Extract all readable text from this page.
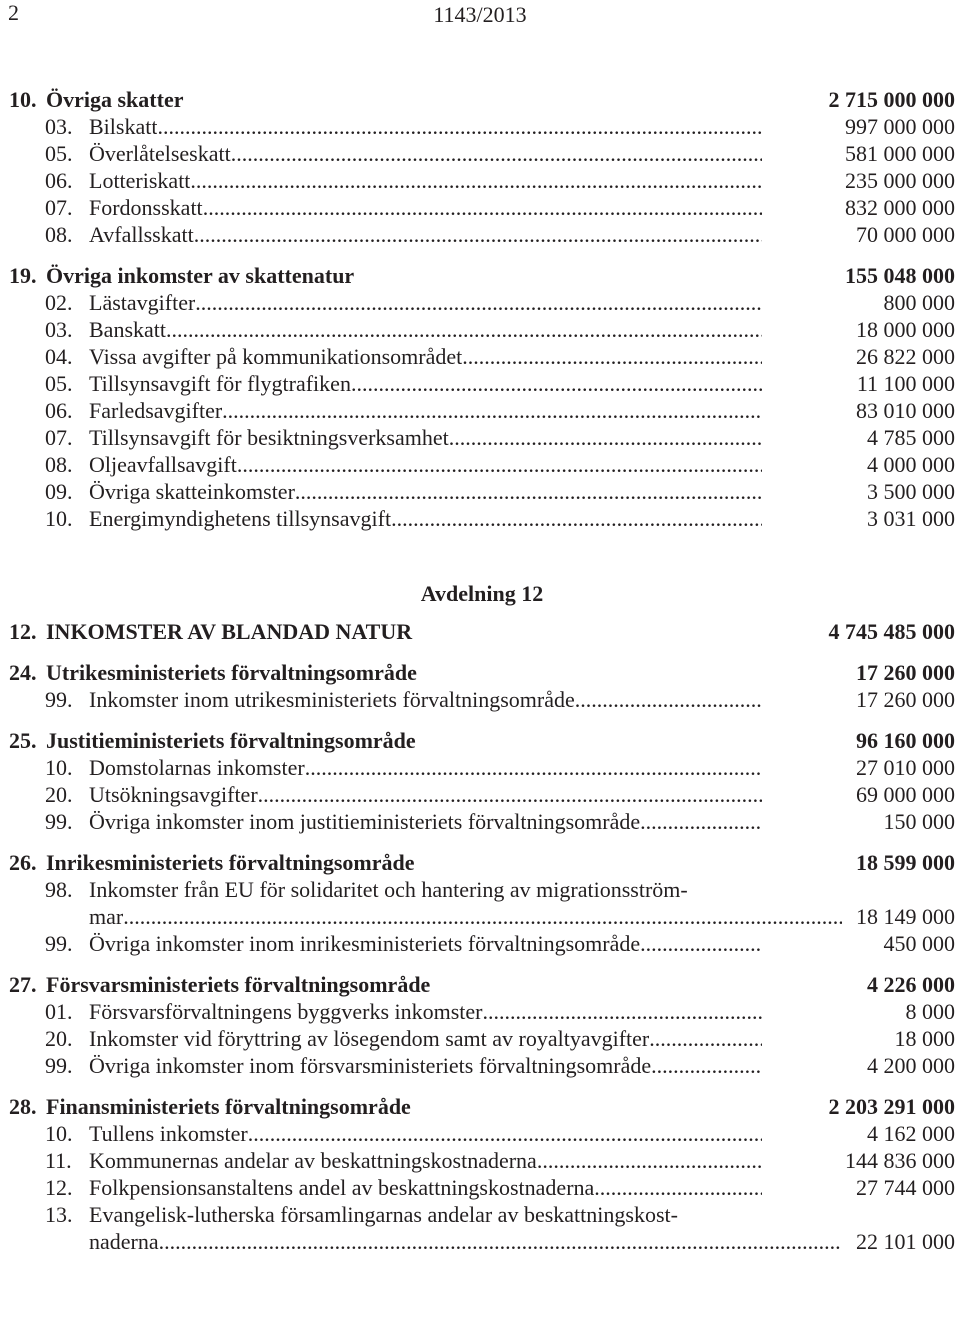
2	1143/2013
10. Övriga skatter	2 715 000 000
03. Bilskatt .....	997 000 000
05. Överlåtelseskatt .....	581 000 000
06. Lotteriskatt .....	235 000 000
07. Fordonsskatt .....	832 000 000
08. Avfallsskatt .....	70 000 000
19. Övriga inkomster av skattenatur	155 048 000
02. Lästavgifter .....	800 000
03. Banskatt .....	18 000 000
04. Vissa avgifter på kommunikationsområdet .....	26 822 000
05. Tillsynsavgift för flygtrafiken .....	11 100 000
06. Farledsavgifter .....	83 010 000
07. Tillsynsavgift för besiktningsverksamhet .....	4 785 000
08. Oljeavfallsavgift .....	4 000 000
09. Övriga skatteinkomster .....	3 500 000
10. Energimyndighetens tillsynsavgift .....	3 031 000
Avdelning 12
12. INKOMSTER AV BLANDAD NATUR	4 745 485 000
24. Utrikesministeriets förvaltningsområde	17 260 000
99. Inkomster inom utrikesministeriets förvaltningsområde .....	17 260 000
25. Justitieministeriets förvaltningsområde	96 160 000
10. Domstolarnas inkomster .....	27 010 000
20. Utsökningsavgifter .....	69 000 000
99. Övriga inkomster inom justitieministeriets förvaltningsområde .....	150 000
26. Inrikesministeriets förvaltningsområde	18 599 000
98. Inkomster från EU för solidaritet och hantering av migrationsström-
mar .....	18 149 000
99. Övriga inkomster inom inrikesministeriets förvaltningsområde .....	450 000
27. Försvarsministeriets förvaltningsområde	4 226 000
01. Försvarsförvaltningens byggverks inkomster .....	8 000
20. Inkomster vid föryttring av lösegendom samt av royaltyavgifter .....	18 000
99. Övriga inkomster inom försvarsministeriets förvaltningsområde .....	4 200 000
28. Finansministeriets förvaltningsområde	2 203 291 000
10. Tullens inkomster .....	4 162 000
11. Kommunernas andelar av beskattningskostnaderna .....	144 836 000
12. Folkpensionsanstaltens andel av beskattningskostnaderna .....	27 744 000
13. Evangelisk-lutherska församlingarnas andelar av beskattningskost-
naderna .....	22 101 000
